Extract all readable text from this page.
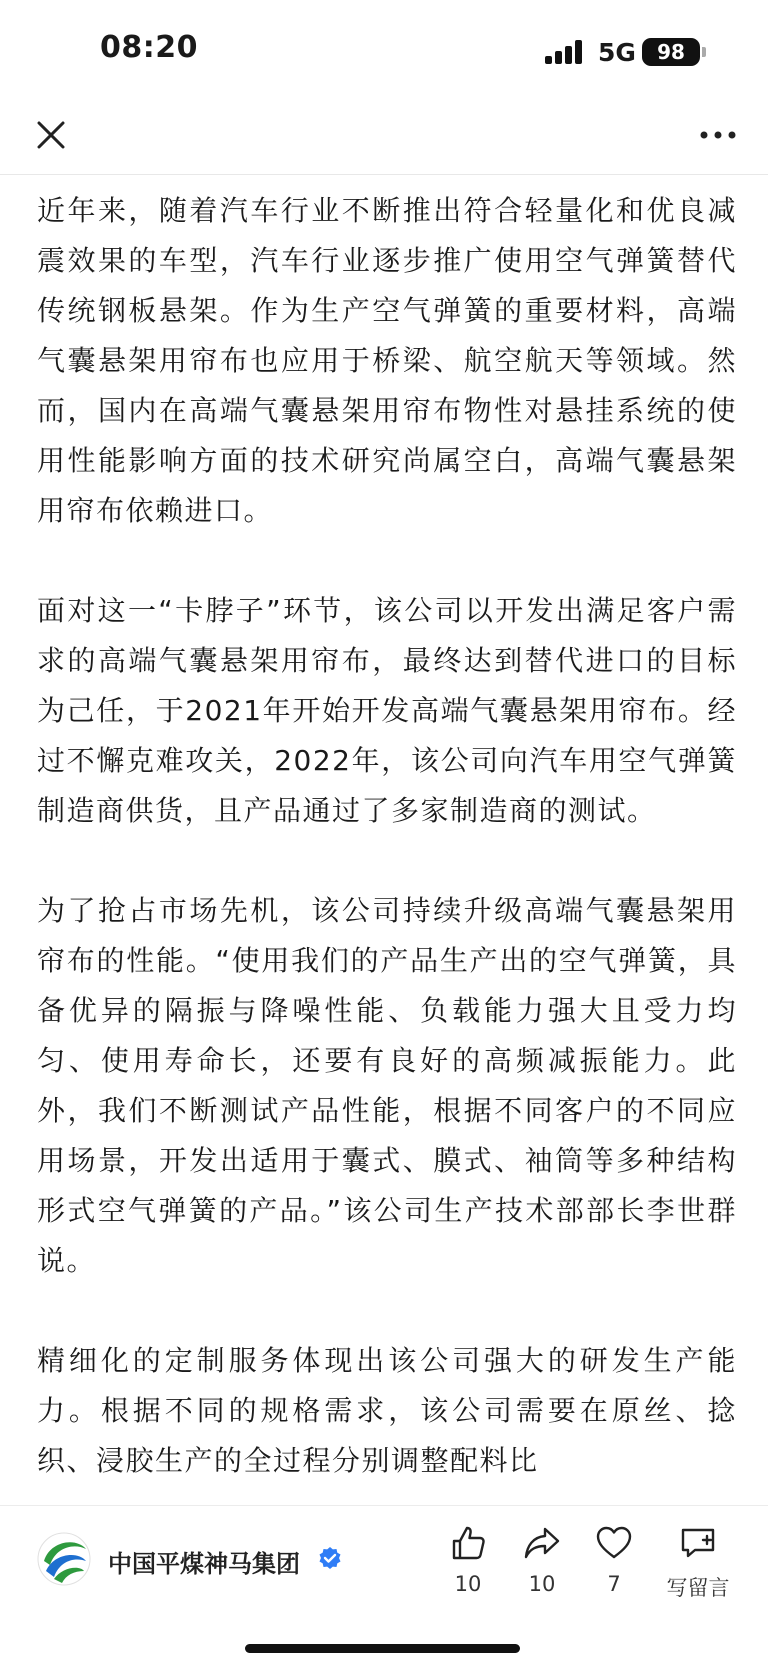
08:20	5G 98

近年来，随着汽车行业不断推出符合轻量化和优良减震效果的车型，汽车行业逐步推广使用空气弹簧替代传统钢板悬架。作为生产空气弹簧的重要材料，高端气囊悬架用帘布也应用于桥梁、航空航天等领域。然而，国内在高端气囊悬架用帘布物性对悬挂系统的使用性能影响方面的技术研究尚属空白，高端气囊悬架用帘布依赖进口。

面对这一“卡脖子”环节，该公司以开发出满足客户需求的高端气囊悬架用帘布，最终达到替代进口的目标为己任，于2021年开始开发高端气囊悬架用帘布。经过不懈克难攻关，2022年，该公司向汽车用空气弹簧制造商供货，且产品通过了多家制造商的测试。

为了抢占市场先机，该公司持续升级高端气囊悬架用帘布的性能。“使用我们的产品生产出的空气弹簧，具备优异的隔振与降噪性能、负载能力强大且受力均匀、使用寿命长，还要有良好的高频减振能力。此外，我们不断测试产品性能，根据不同客户的不同应用场景，开发出适用于囊式、膜式、袖筒等多种结构形式空气弹簧的产品。”该公司生产技术部部长李世群说。

精细化的定制服务体现出该公司强大的研发生产能力。根据不同的规格需求，该公司需要在原丝、捻织、浸胶生产的全过程分别调整配料比

中国平煤神马集团
10	10	7	写留言
